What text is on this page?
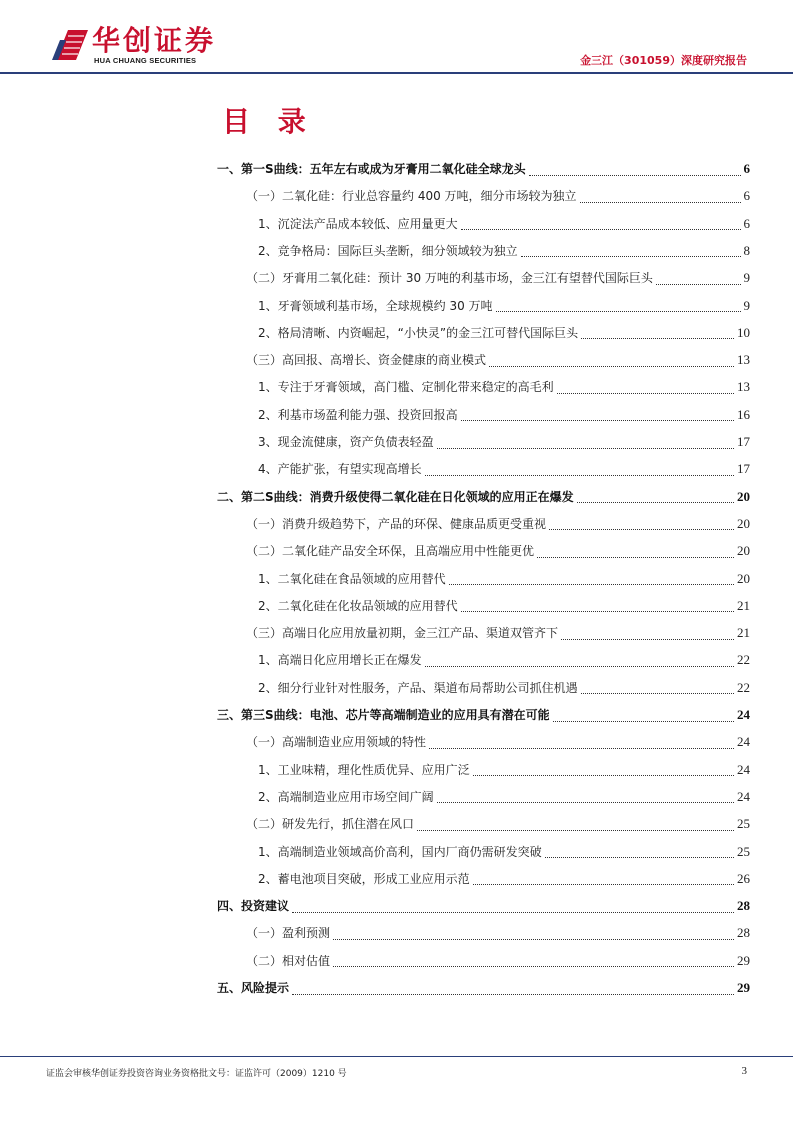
华创证券
HUA CHUANG SECURITIES	金三江（301059）深度研究报告
目 录
一、第一S曲线：五年左右或成为牙膏用二氧化硅全球龙头	6
（一）二氧化硅：行业总容量约 400 万吨，细分市场较为独立	6
1、沉淀法产品成本较低、应用量更大	6
2、竞争格局：国际巨头垄断，细分领域较为独立	8
（二）牙膏用二氧化硅：预计 30 万吨的利基市场，金三江有望替代国际巨头	9
1、牙膏领域利基市场，全球规模约 30 万吨	9
2、格局清晰、内资崛起，“小快灵”的金三江可替代国际巨头	10
（三）高回报、高增长、资金健康的商业模式	13
1、专注于牙膏领域，高门槛、定制化带来稳定的高毛利	13
2、利基市场盈利能力强、投资回报高	16
3、现金流健康，资产负债表轻盈	17
4、产能扩张，有望实现高增长	17
二、第二S曲线：消费升级使得二氧化硅在日化领域的应用正在爆发	20
（一）消费升级趋势下，产品的环保、健康品质更受重视	20
（二）二氧化硅产品安全环保，且高端应用中性能更优	20
1、二氧化硅在食品领域的应用替代	20
2、二氧化硅在化妆品领域的应用替代	21
（三）高端日化应用放量初期，金三江产品、渠道双管齐下	21
1、高端日化应用增长正在爆发	22
2、细分行业针对性服务，产品、渠道布局帮助公司抓住机遇	22
三、第三S曲线：电池、芯片等高端制造业的应用具有潜在可能	24
（一）高端制造业应用领域的特性	24
1、工业味精，理化性质优异、应用广泛	24
2、高端制造业应用市场空间广阔	24
（二）研发先行，抓住潜在风口	25
1、高端制造业领域高价高利，国内厂商仍需研发突破	25
2、蓄电池项目突破，形成工业应用示范	26
四、投资建议	28
（一）盈利预测	28
（二）相对估值	29
五、风险提示	29
证监会审核华创证券投资咨询业务资格批文号：证监许可（2009）1210 号	3
